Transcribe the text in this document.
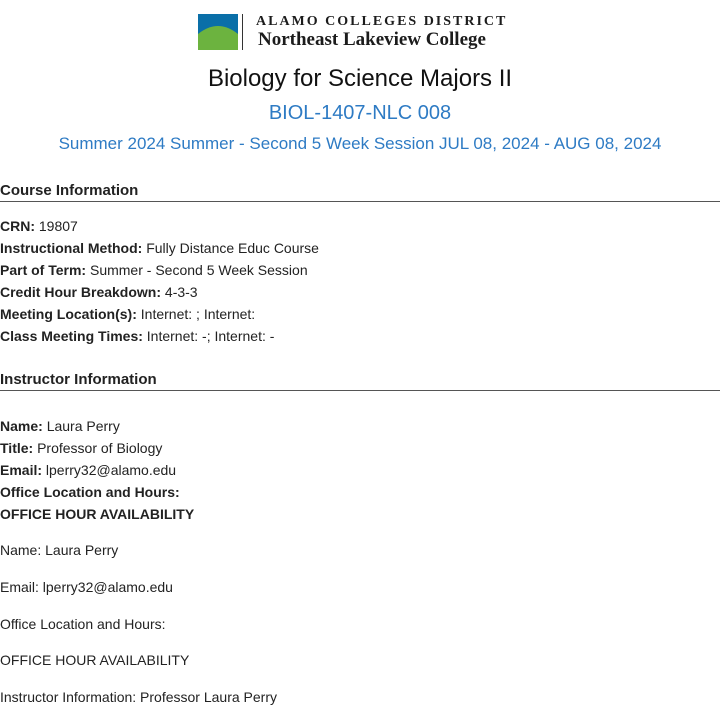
ALAMO COLLEGES DISTRICT
Northeast Lakeview College
Biology for Science Majors II
BIOL-1407-NLC 008
Summer 2024 Summer - Second 5 Week Session JUL 08, 2024 - AUG 08, 2024
Course Information
CRN: 19807
Instructional Method: Fully Distance Educ Course
Part of Term: Summer - Second 5 Week Session
Credit Hour Breakdown: 4-3-3
Meeting Location(s): Internet: ; Internet:
Class Meeting Times: Internet: -; Internet: -
Instructor Information
Name: Laura Perry
Title: Professor of Biology
Email: lperry32@alamo.edu
Office Location and Hours:
OFFICE HOUR AVAILABILITY
Name: Laura Perry
Email: lperry32@alamo.edu
Office Location and Hours:
OFFICE HOUR AVAILABILITY
Instructor Information: Professor Laura Perry
